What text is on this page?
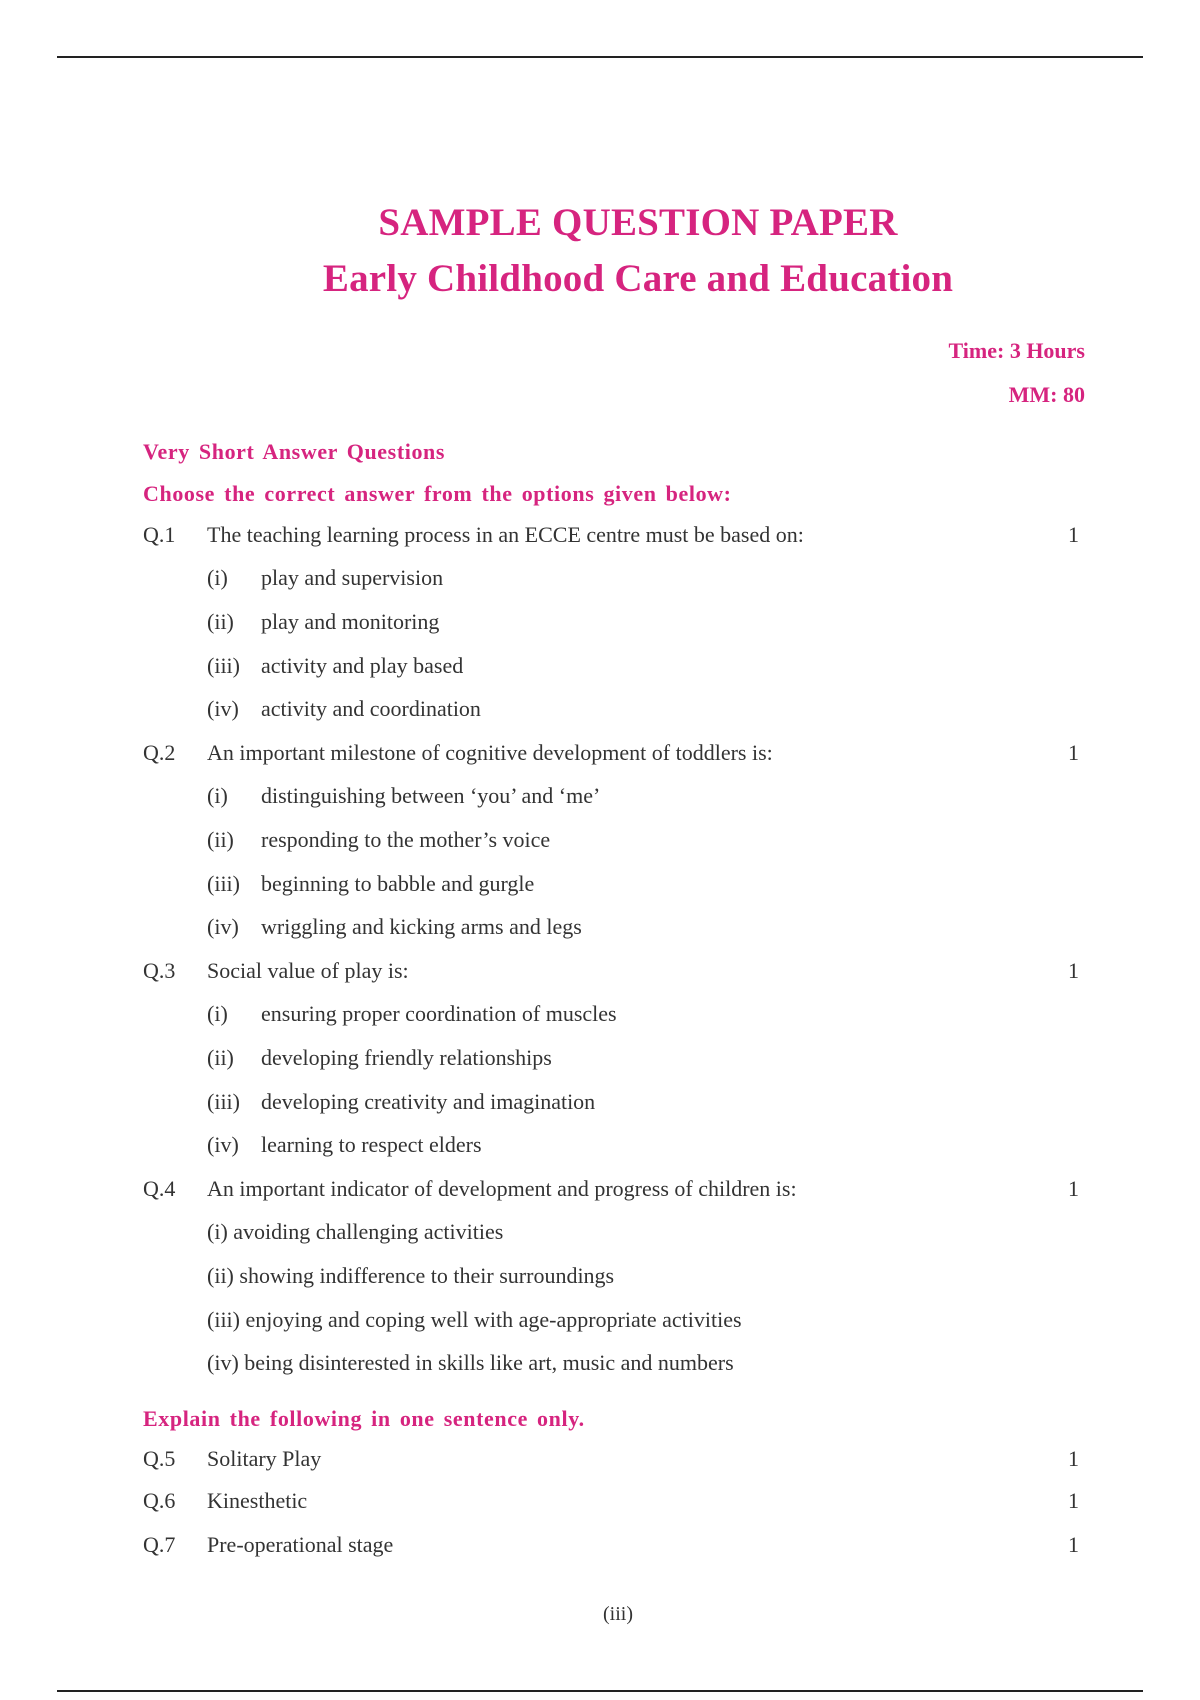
SAMPLE QUESTION PAPER
Early Childhood Care and Education
Time: 3 Hours
MM: 80
Very Short Answer Questions
Choose the correct answer from the options given below:
Q.1 The teaching learning process in an ECCE centre must be based on:	1
(i) play and supervision
(ii) play and monitoring
(iii) activity and play based
(iv) activity and coordination
Q.2 An important milestone of cognitive development of toddlers is:	1
(i) distinguishing between ‘you’ and ‘me’
(ii) responding to the mother’s voice
(iii) beginning to babble and gurgle
(iv) wriggling and kicking arms and legs
Q.3 Social value of play is:	1
(i) ensuring proper coordination of muscles
(ii) developing friendly relationships
(iii) developing creativity and imagination
(iv) learning to respect elders
Q.4 An important indicator of development and progress of children is:	1
(i) avoiding challenging activities
(ii) showing indifference to their surroundings
(iii) enjoying and coping well with age-appropriate activities
(iv) being disinterested in skills like art, music and numbers
Explain the following in one sentence only.
Q.5 Solitary Play	1
Q.6 Kinesthetic	1
Q.7 Pre-operational stage	1
(iii)
